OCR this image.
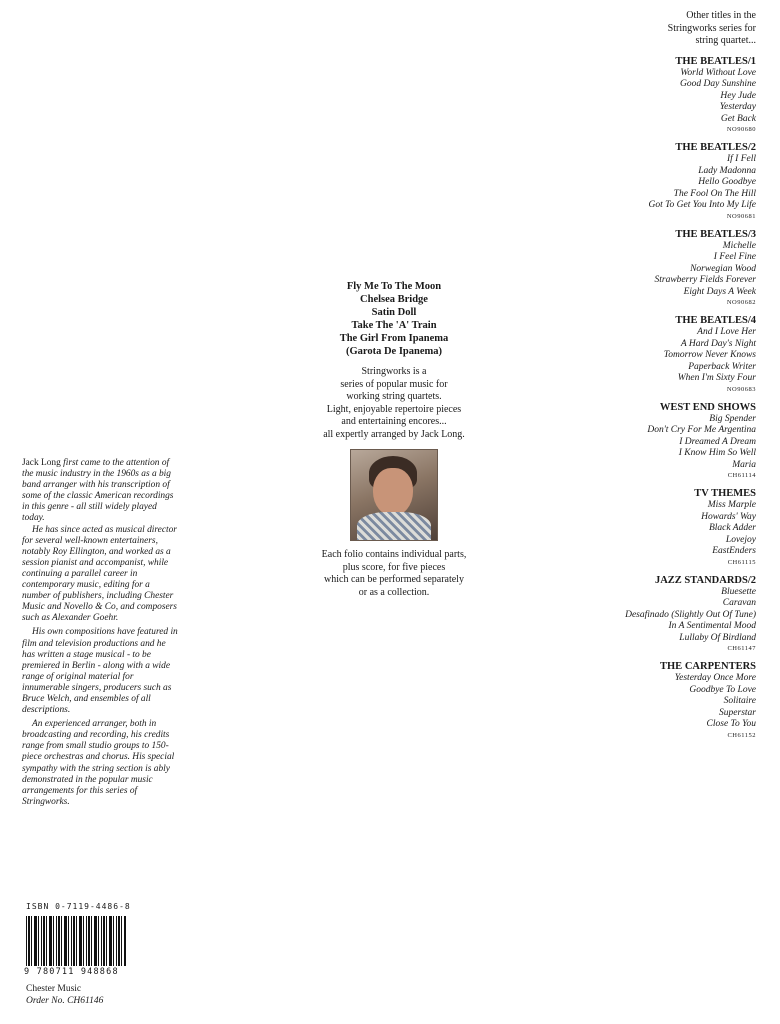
Fly Me To The Moon
Chelsea Bridge
Satin Doll
Take The 'A' Train
The Girl From Ipanema
(Garota De Ipanema)
Stringworks is a
series of popular music for
working string quartets.
Light, enjoyable repertoire pieces
and entertaining encores...
all expertly arranged by Jack Long.
Each folio contains individual parts,
plus score, for five pieces
which can be performed separately
or as a collection.
Other titles in the
Stringworks series for
string quartet...
THE BEATLES/1
World Without Love
Good Day Sunshine
Hey Jude
Yesterday
Get Back
NO90680
THE BEATLES/2
If I Fell
Lady Madonna
Hello Goodbye
The Fool On The Hill
Got To Get You Into My Life
NO90681
THE BEATLES/3
Michelle
I Feel Fine
Norwegian Wood
Strawberry Fields Forever
Eight Days A Week
NO90682
THE BEATLES/4
And I Love Her
A Hard Day's Night
Tomorrow Never Knows
Paperback Writer
When I'm Sixty Four
NO90683
WEST END SHOWS
Big Spender
Don't Cry For Me Argentina
I Dreamed A Dream
I Know Him So Well
Maria
CH61114
TV THEMES
Miss Marple
Howards' Way
Black Adder
Lovejoy
EastEnders
CH61115
JAZZ STANDARDS/2
Bluesette
Caravan
Desafinado (Slightly Out Of Tune)
In A Sentimental Mood
Lullaby Of Birdland
CH61147
THE CARPENTERS
Yesterday Once More
Goodbye To Love
Solitaire
Superstar
Close To You
CH61152

Jack Long first came to the attention of the music industry in the 1960s as a big band arranger with his transcription of some of the classic American recordings in this genre - all still widely played today.

He has since acted as musical director for several well-known entertainers, notably Roy Ellington, and worked as a session pianist and accompanist, while continuing a parallel career in contemporary music, editing for a number of publishers, including Chester Music and Novello & Co, and composers such as Alexander Goehr.

His own compositions have featured in film and television productions and he has written a stage musical - to be premiered in Berlin - along with a wide range of original material for innumerable singers, producers such as Bruce Welch, and ensembles of all descriptions.

An experienced arranger, both in broadcasting and recording, his credits range from small studio groups to 150-piece orchestras and chorus. His special sympathy with the string section is ably demonstrated in the popular music arrangements for this series of Stringworks.

ISBN 0-7119-4486-8
9 780711 948868
Chester Music
Order No. CH61146
